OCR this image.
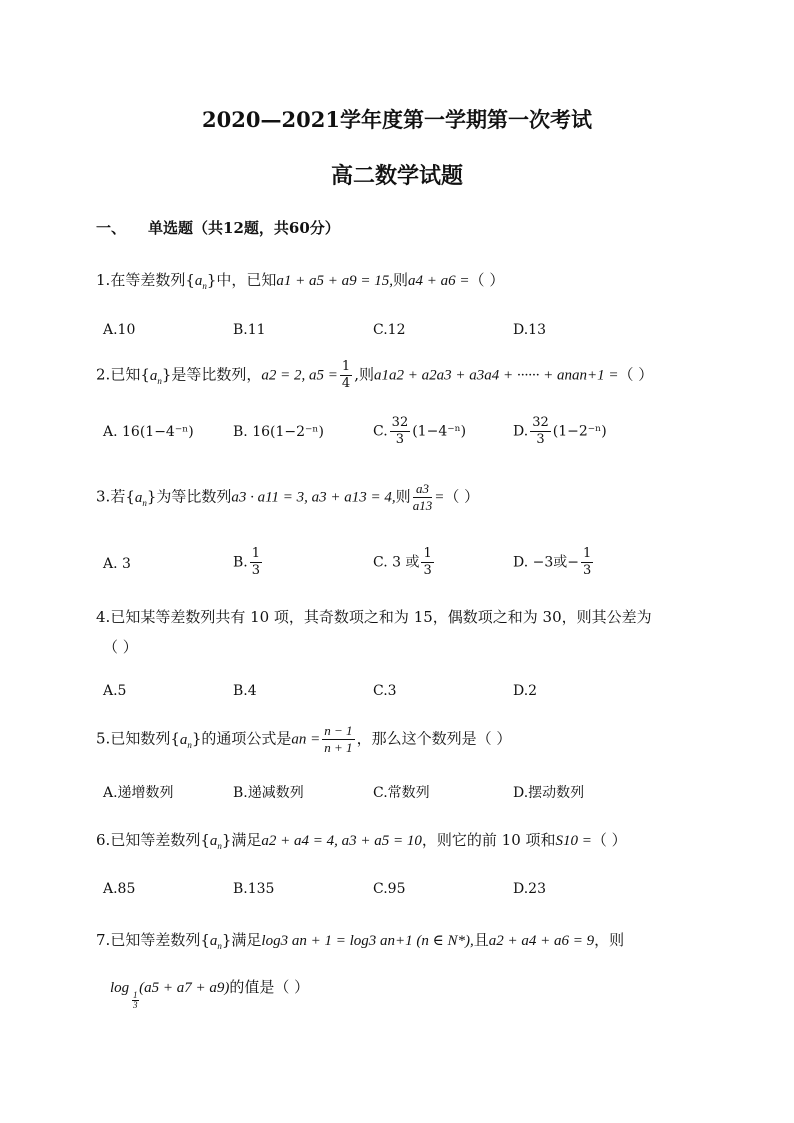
2020—2021学年度第一学期第一次考试
高二数学试题
一、 单选题（共12题，共60分）
1.在等差数列$\{a_n\}$中，已知a1 + a5 + a9 = 15,则a4 + a6 =（ ）
A.10	B.11	C.12	D.13
2.已知$\{a_n\}$是等比数列，a2 = 2, $a5 = \frac{1}{4}$ ,则a1a2 + a2a3 + a3a4 + ······ + anan+1 =（ ）
A. 16(1−4⁻ⁿ)	B. 16(1−2⁻ⁿ)	C. $\frac{32}{3} (1-4^{-n})$	D. $\frac{32}{3} (1-2^{-n})$
3.若$\{a_n\}$为等比数列a3 · a11 = 3, a3 + a13 = 4,则 $\frac{a3}{a13}$ =（ ）
A. 3	B. $\frac{1}{3}$	C. 3 或 $\frac{1}{3}$	D. −3或− $\frac{1}{3}$
4.已知某等差数列共有 10 项，其奇数项之和为 15，偶数项之和为 30，则其公差为
（ ）
A.5	B.4	C.3	D.2
5.已知数列$\{a_n\}$的通项公式是an = $\frac{n - 1}{n + 1}$ ，那么这个数列是（ ）
A.递增数列	B.递减数列	C.常数列	D.摆动数列
6.已知等差数列$\{a_n\}$满足a2 + a4 = 4, a3 + a5 = 10，则它的前 10 项和S10 =（ ）
A.85	B.135	C.95	D.23
7.已知等差数列$\{a_n\}$满足log3 an + 1 = log3 an+1 (n ∈ N*),且a2 + a4 + a6 = 9，则
log 1
3
(a5 + a7 + a9)的值是（ ）
